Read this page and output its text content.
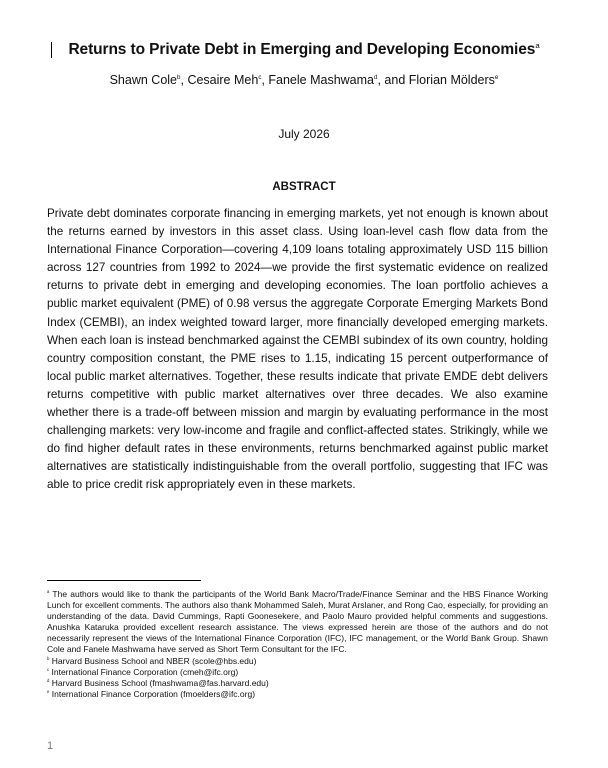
Returns to Private Debt in Emerging and Developing Economies$^a$
Shawn Cole$^b$, Cesaire Meh$^c$, Fanele Mashwama$^d$, and Florian Mölders$^e$
July 2026
ABSTRACT
Private debt dominates corporate financing in emerging markets, yet not enough is known about the returns earned by investors in this asset class. Using loan-level cash flow data from the International Finance Corporation—covering 4,109 loans totaling approximately USD 115 billion across 127 countries from 1992 to 2024—we provide the first systematic evidence on realized returns to private debt in emerging and developing economies. The loan portfolio achieves a public market equivalent (PME) of 0.98 versus the aggregate Corporate Emerging Markets Bond Index (CEMBI), an index weighted toward larger, more financially developed emerging markets. When each loan is instead benchmarked against the CEMBI subindex of its own country, holding country composition constant, the PME rises to 1.15, indicating 15 percent outperformance of local public market alternatives. Together, these results indicate that private EMDE debt delivers returns competitive with public market alternatives over three decades. We also examine whether there is a trade-off between mission and margin by evaluating performance in the most challenging markets: very low-income and fragile and conflict-affected states. Strikingly, while we do find higher default rates in these environments, returns benchmarked against public market alternatives are statistically indistinguishable from the overall portfolio, suggesting that IFC was able to price credit risk appropriately even in these markets.
$^a$ The authors would like to thank the participants of the World Bank Macro/Trade/Finance Seminar and the HBS Finance Working Lunch for excellent comments. The authors also thank Mohammed Saleh, Murat Arslaner, and Rong Cao, especially, for providing an understanding of the data. David Cummings, Rapti Goonesekere, and Paolo Mauro provided helpful comments and suggestions. Anushka Kataruka provided excellent research assistance. The views expressed herein are those of the authors and do not necessarily represent the views of the International Finance Corporation (IFC), IFC management, or the World Bank Group. Shawn Cole and Fanele Mashwama have served as Short Term Consultant for the IFC.
$^b$ Harvard Business School and NBER (scole@hbs.edu)
$^c$ International Finance Corporation (cmeh@ifc.org)
$^d$ Harvard Business School (fmashwama@fas.harvard.edu)
$^e$ International Finance Corporation (fmoelders@ifc.org)
1
